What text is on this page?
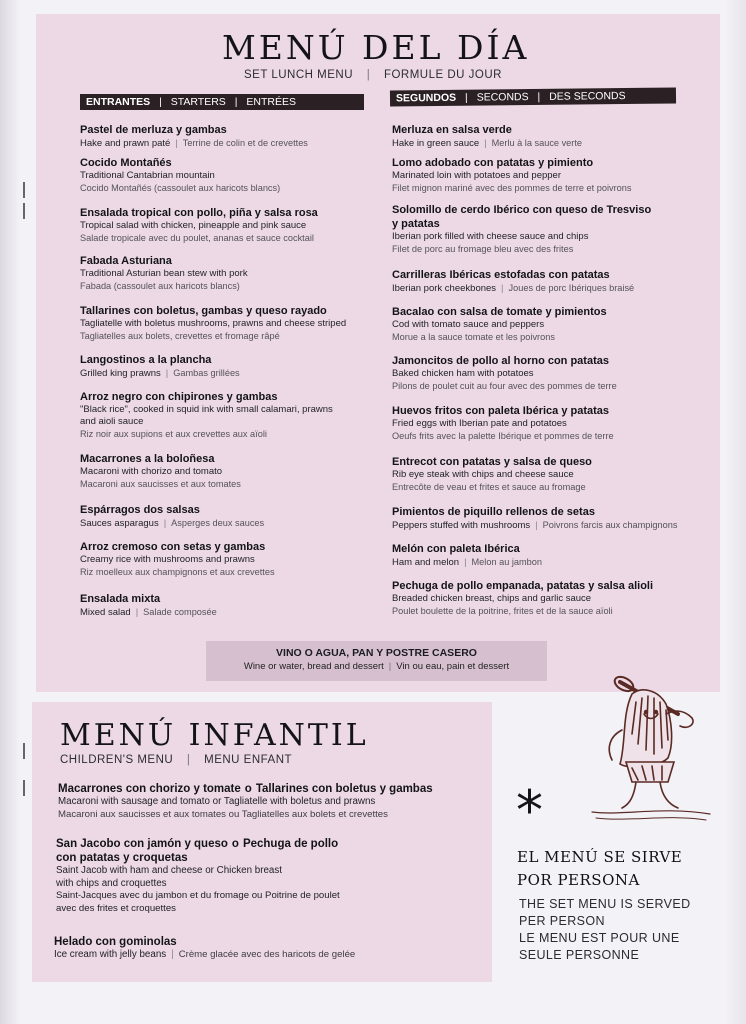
MENÚ DEL DÍA
SET LUNCH MENU | FORMULE DU JOUR
ENTRANTES | STARTERS | ENTRÉES	SEGUNDOS | SECONDS | DES SECONDS
Pastel de merluza y gambas
Hake and prawn paté | Terrine de colin et de crevettes
Cocido Montañés
Traditional Cantabrian mountain
Cocido Montañés (cassoulet aux haricots blancs)
Ensalada tropical con pollo, piña y salsa rosa
Tropical salad with chicken, pineapple and pink sauce
Salade tropicale avec du poulet, ananas et sauce cocktail
Fabada Asturiana
Traditional Asturian bean stew with pork
Fabada (cassoulet aux haricots blancs)
Tallarines con boletus, gambas y queso rayado
Tagliatelle with boletus mushrooms, prawns and cheese striped
Tagliatelles aux bolets, crevettes et fromage râpé
Langostinos a la plancha
Grilled king prawns | Gambas grillées
Arroz negro con chipirones y gambas
"Black rice", cooked in squid ink with small calamari, prawns
and aioli sauce
Riz noir aux supions et aux crevettes aux aïoli
Macarrones a la boloñesa
Macaroni with chorizo and tomato
Macaroni aux saucisses et aux tomates
Espárragos dos salsas
Sauces asparagus | Asperges deux sauces
Arroz cremoso con setas y gambas
Creamy rice with mushrooms and prawns
Riz moelleux aux champignons et aux crevettes
Ensalada mixta
Mixed salad | Salade composée
Merluza en salsa verde
Hake in green sauce | Merlu à la sauce verte
Lomo adobado con patatas y pimiento
Marinated loin with potatoes and pepper
Filet mignon mariné avec des pommes de terre et poivrons
Solomillo de cerdo Ibérico con queso de Tresviso
y patatas
Iberian pork filled with cheese sauce and chips
Filet de porc au fromage bleu avec des frites
Carrilleras Ibéricas estofadas con patatas
Iberian pork cheekbones | Joues de porc Ibériques braisé
Bacalao con salsa de tomate y pimientos
Cod with tomato sauce and peppers
Morue a la sauce tomate et les poivrons
Jamoncitos de pollo al horno con patatas
Baked chicken ham with potatoes
Pilons de poulet cuit au four avec des pommes de terre
Huevos fritos con paleta Ibérica y patatas
Fried eggs with Iberian pate and potatoes
Oeufs frits avec la palette Ibérique et pommes de terre
Entrecot con patatas y salsa de queso
Rib eye steak with chips and cheese sauce
Entrecôte de veau et frites et sauce au fromage
Pimientos de piquillo rellenos de setas
Peppers stuffed with mushrooms | Poivrons farcis aux champignons
Melón con paleta Ibérica
Ham and melon | Melon au jambon
Pechuga de pollo empanada, patatas y salsa alioli
Breaded chicken breast, chips and garlic sauce
Poulet boulette de la poitrine, frites et de la sauce aïoli
VINO O AGUA, PAN Y POSTRE CASERO
Wine or water, bread and dessert | Vin ou eau, pain et dessert
MENÚ INFANTIL
CHILDREN'S MENU | MENU ENFANT
Macarrones con chorizo y tomate o Tallarines con boletus y gambas
Macaroni with sausage and tomato or Tagliatelle with boletus and prawns
Macaroni aux saucisses et aux tomates ou Tagliatelles aux bolets et crevettes
San Jacobo con jamón y queso o Pechuga de pollo
con patatas y croquetas
Saint Jacob with ham and cheese or Chicken breast
with chips and croquettes
Saint-Jacques avec du jambon et du fromage ou Poitrine de poulet
avec des frites et croquettes
Helado con gominolas
Ice cream with jelly beans | Crème glacée avec des haricots de gelée
*
EL MENÚ SE SIRVE
POR PERSONA
THE SET MENU IS SERVED
PER PERSON
LE MENU EST POUR UNE
SEULE PERSONNE
